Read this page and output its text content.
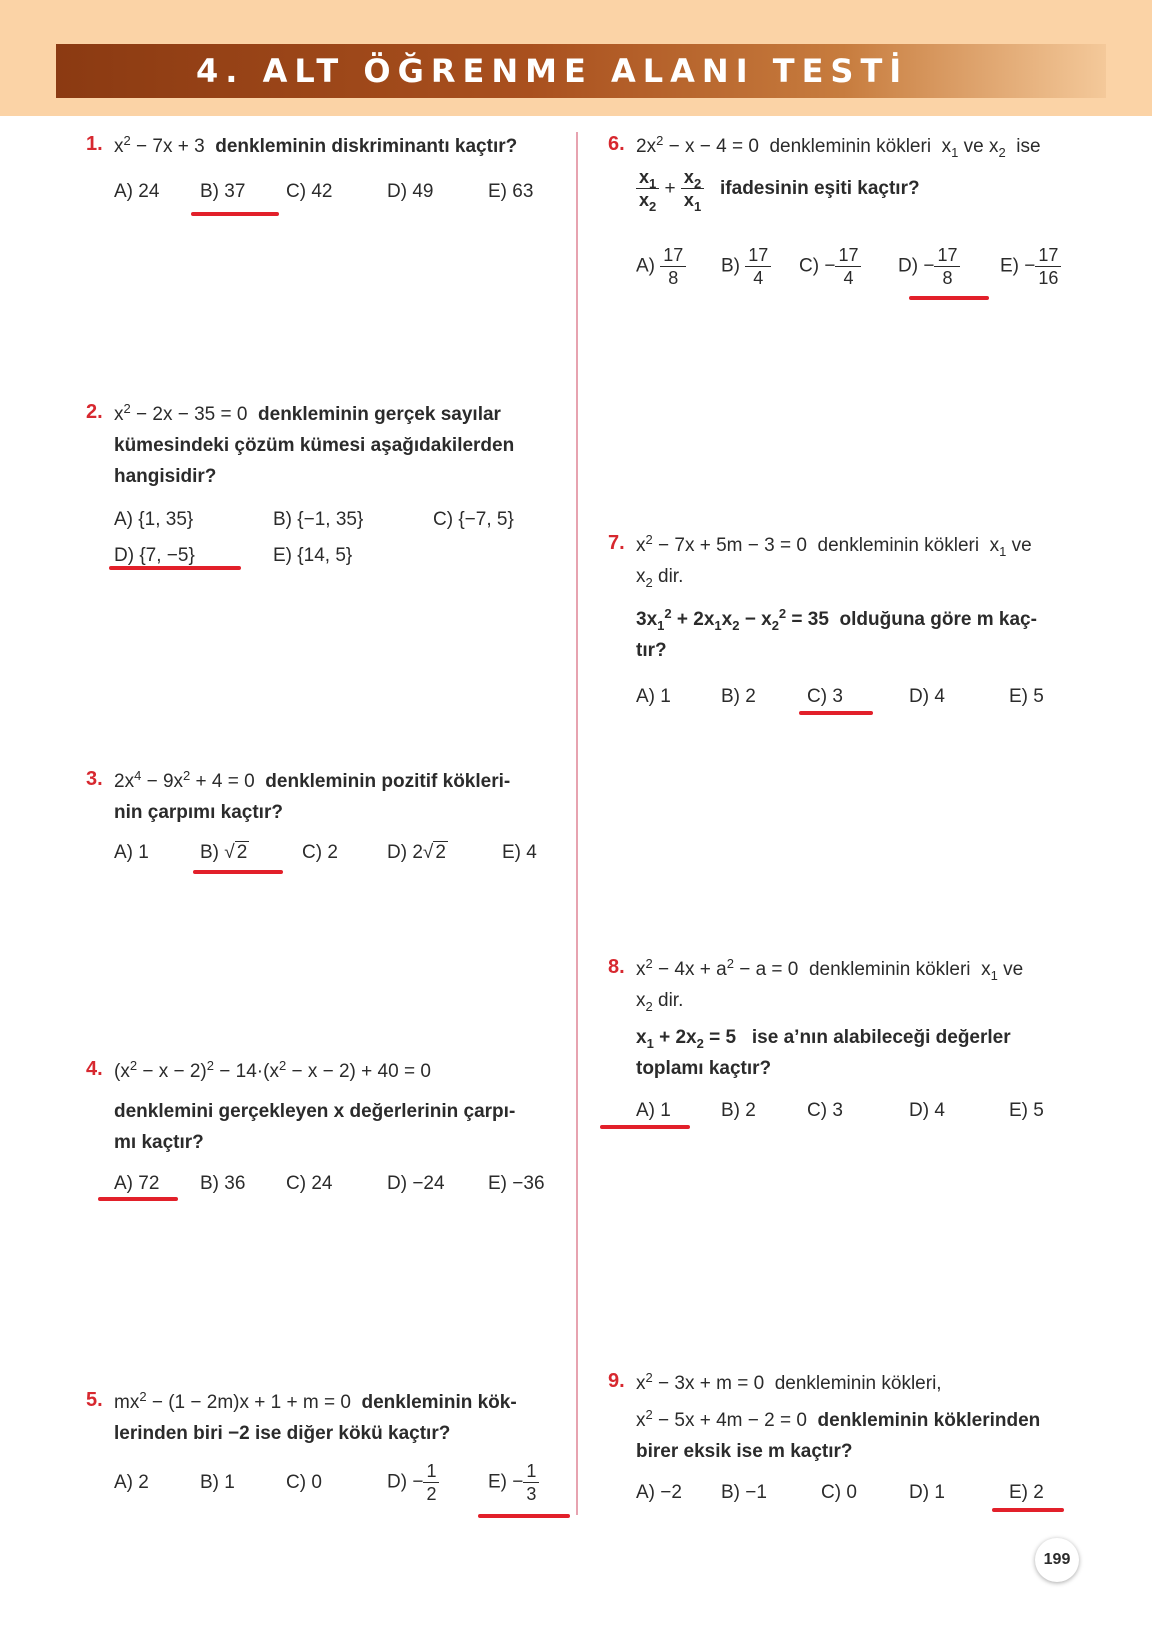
4. ALT ÖĞRENME ALANI TESTİ
1. $x^2 - 7x + 3$ denkleminin diskriminantı kaçtır?
A) 24 B) 37 C) 42	D) 49	E) 63
2. $x^2 - 2x - 35 = 0$ denkleminin gerçek sayılar
kümesindeki çözüm kümesi aşağıdakilerden
hangisidir?
A) {1, 35}	B) {−1, 35}	C) {−7, 5}
D) {7, −5}	E) {14, 5}
3. $2x^4 - 9x^2 + 4 = 0$ denkleminin pozitif kökleri-
nin çarpımı kaçtır?
A) 1	B) √ 2	C) 2	D) 2√ 2	E) 4
4. $(x^2 - x - 2)^2 - 14\cdot(x^2 - x - 2) + 40 = 0$
denklemini gerçekleyen x değerlerinin çarpı-
mı kaçtır?
A) 72 B) 36 C) 24	D) −24 E) −36
5. $mx^2 - (1 - 2m)x + 1 + m = 0$ denkleminin kök-
lerinden biri −2 ise diğer kökü kaçtır?
A) 2	B) 1	C) 0	$D) - \frac{1}{2}$	$E) - \frac{1}{3}$
6. $2x^2 - x - 4 = 0$ denkleminin kökleri  $x_1$ ve $x_2$ ise
$\frac{x_1}{x_2} + \frac{x_2}{x_1}$ ifadesinin eşiti kaçtır?
$A) \frac{17}{8} B) \frac{17}{4} C) - \frac{17}{4} D) - \frac{17}{8} E) - \frac{17}{16}$
7. $x^2 - 7x + 5m - 3 = 0$ denkleminin kökleri  $x_1$ ve
$x_2$ dir.
$3x_1^2 + 2x_1x_2 - x_2^2 = 35$  olduğuna göre m kaç-
tır?
A) 1	B) 2	C) 3	D) 4	E) 5
8. $x^2 - 4x + a^2 - a = 0$ denkleminin kökleri  $x_1$ ve
$x_2$ dir.
$x_1 + 2x_2 = 5$   ise a’nın alabileceği değerler
toplamı kaçtır?
A) 1	B) 2	C) 3	D) 4	E) 5
9. $x^2 - 3x + m = 0$ denkleminin kökleri,
$x^2 - 5x + 4m - 2 = 0$ denkleminin köklerinden
birer eksik ise m kaçtır?
A) −2 B) −1	C) 0	D) 1	E) 2
199
